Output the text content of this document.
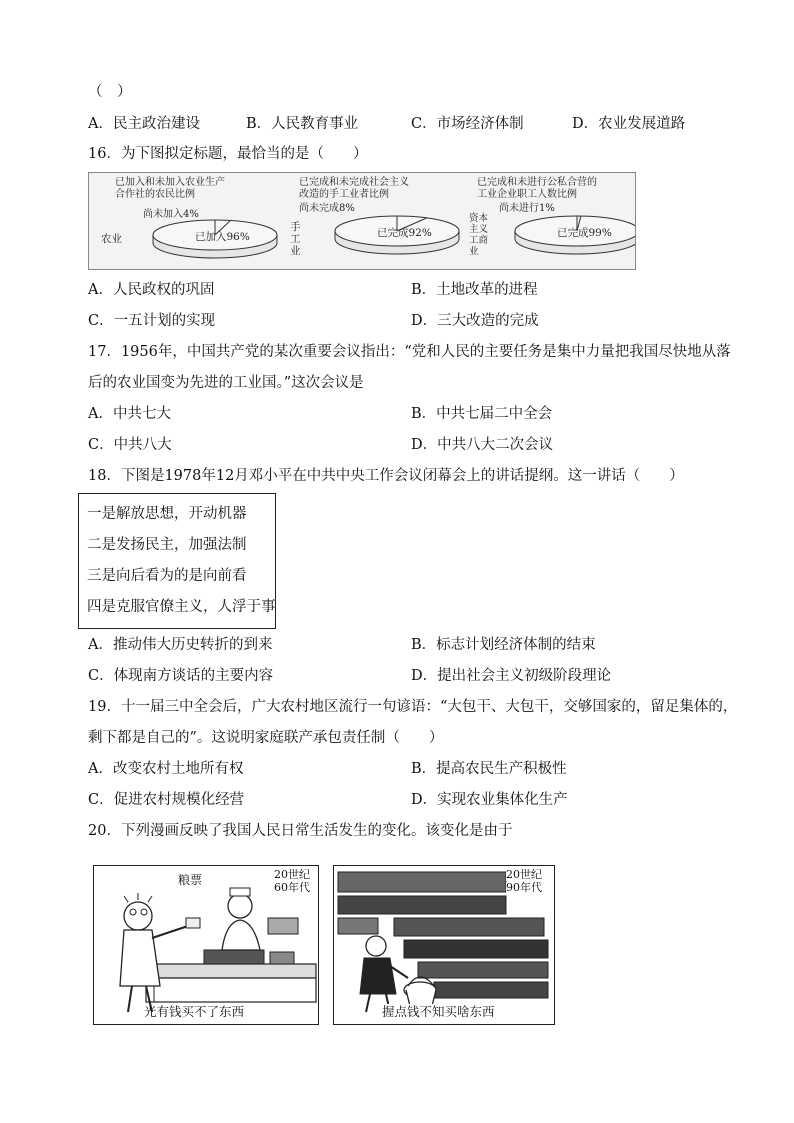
（　）
A．民主政治建设	B．人民教育事业	C．市场经济体制	D．农业发展道路
16．为下图拟定标题，最恰当的是（　　）
已加入和未加入农业生产
合作社的农民比例
尚未加入4%
农业
已完成和未完成社会主义
改造的手工业者比例
尚未完成8%
手工业
已完成和未进行公私合营的
工业企业职工人数比例
尚未进行1%
资本主义工商业
已加入96%	已完成92%	已完成99%
A．人民政权的巩固	B．土地改革的进程
C．一五计划的实现	D．三大改造的完成
17．1956年，中国共产党的某次重要会议指出：“党和人民的主要任务是集中力量把我国尽快地从落
后的农业国变为先进的工业国。”这次会议是
A．中共七大	B．中共七届二中全会
C．中共八大	D．中共八大二次会议
18．下图是1978年12月邓小平在中共中央工作会议闭幕会上的讲话提纲。这一讲话（　　）
一是解放思想，开动机器
二是发扬民主，加强法制
三是向后看为的是向前看
四是克服官僚主义，人浮于事
A．推动伟大历史转折的到来	B．标志计划经济体制的结束
C．体现南方谈话的主要内容	D．提出社会主义初级阶段理论
19．十一届三中全会后，广大农村地区流行一句谚语：“大包干、大包干，交够国家的，留足集体的，
剩下都是自己的”。这说明家庭联产承包责任制（　　）
A．改变农村土地所有权	B．提高农民生产积极性
C．促进农村规模化经营	D．实现农业集体化生产
20．下列漫画反映了我国人民日常生活发生的变化。该变化是由于
粮票	20世纪
60年代
光有钱买不了东西
20世纪
90年代
握点钱不知买啥东西
